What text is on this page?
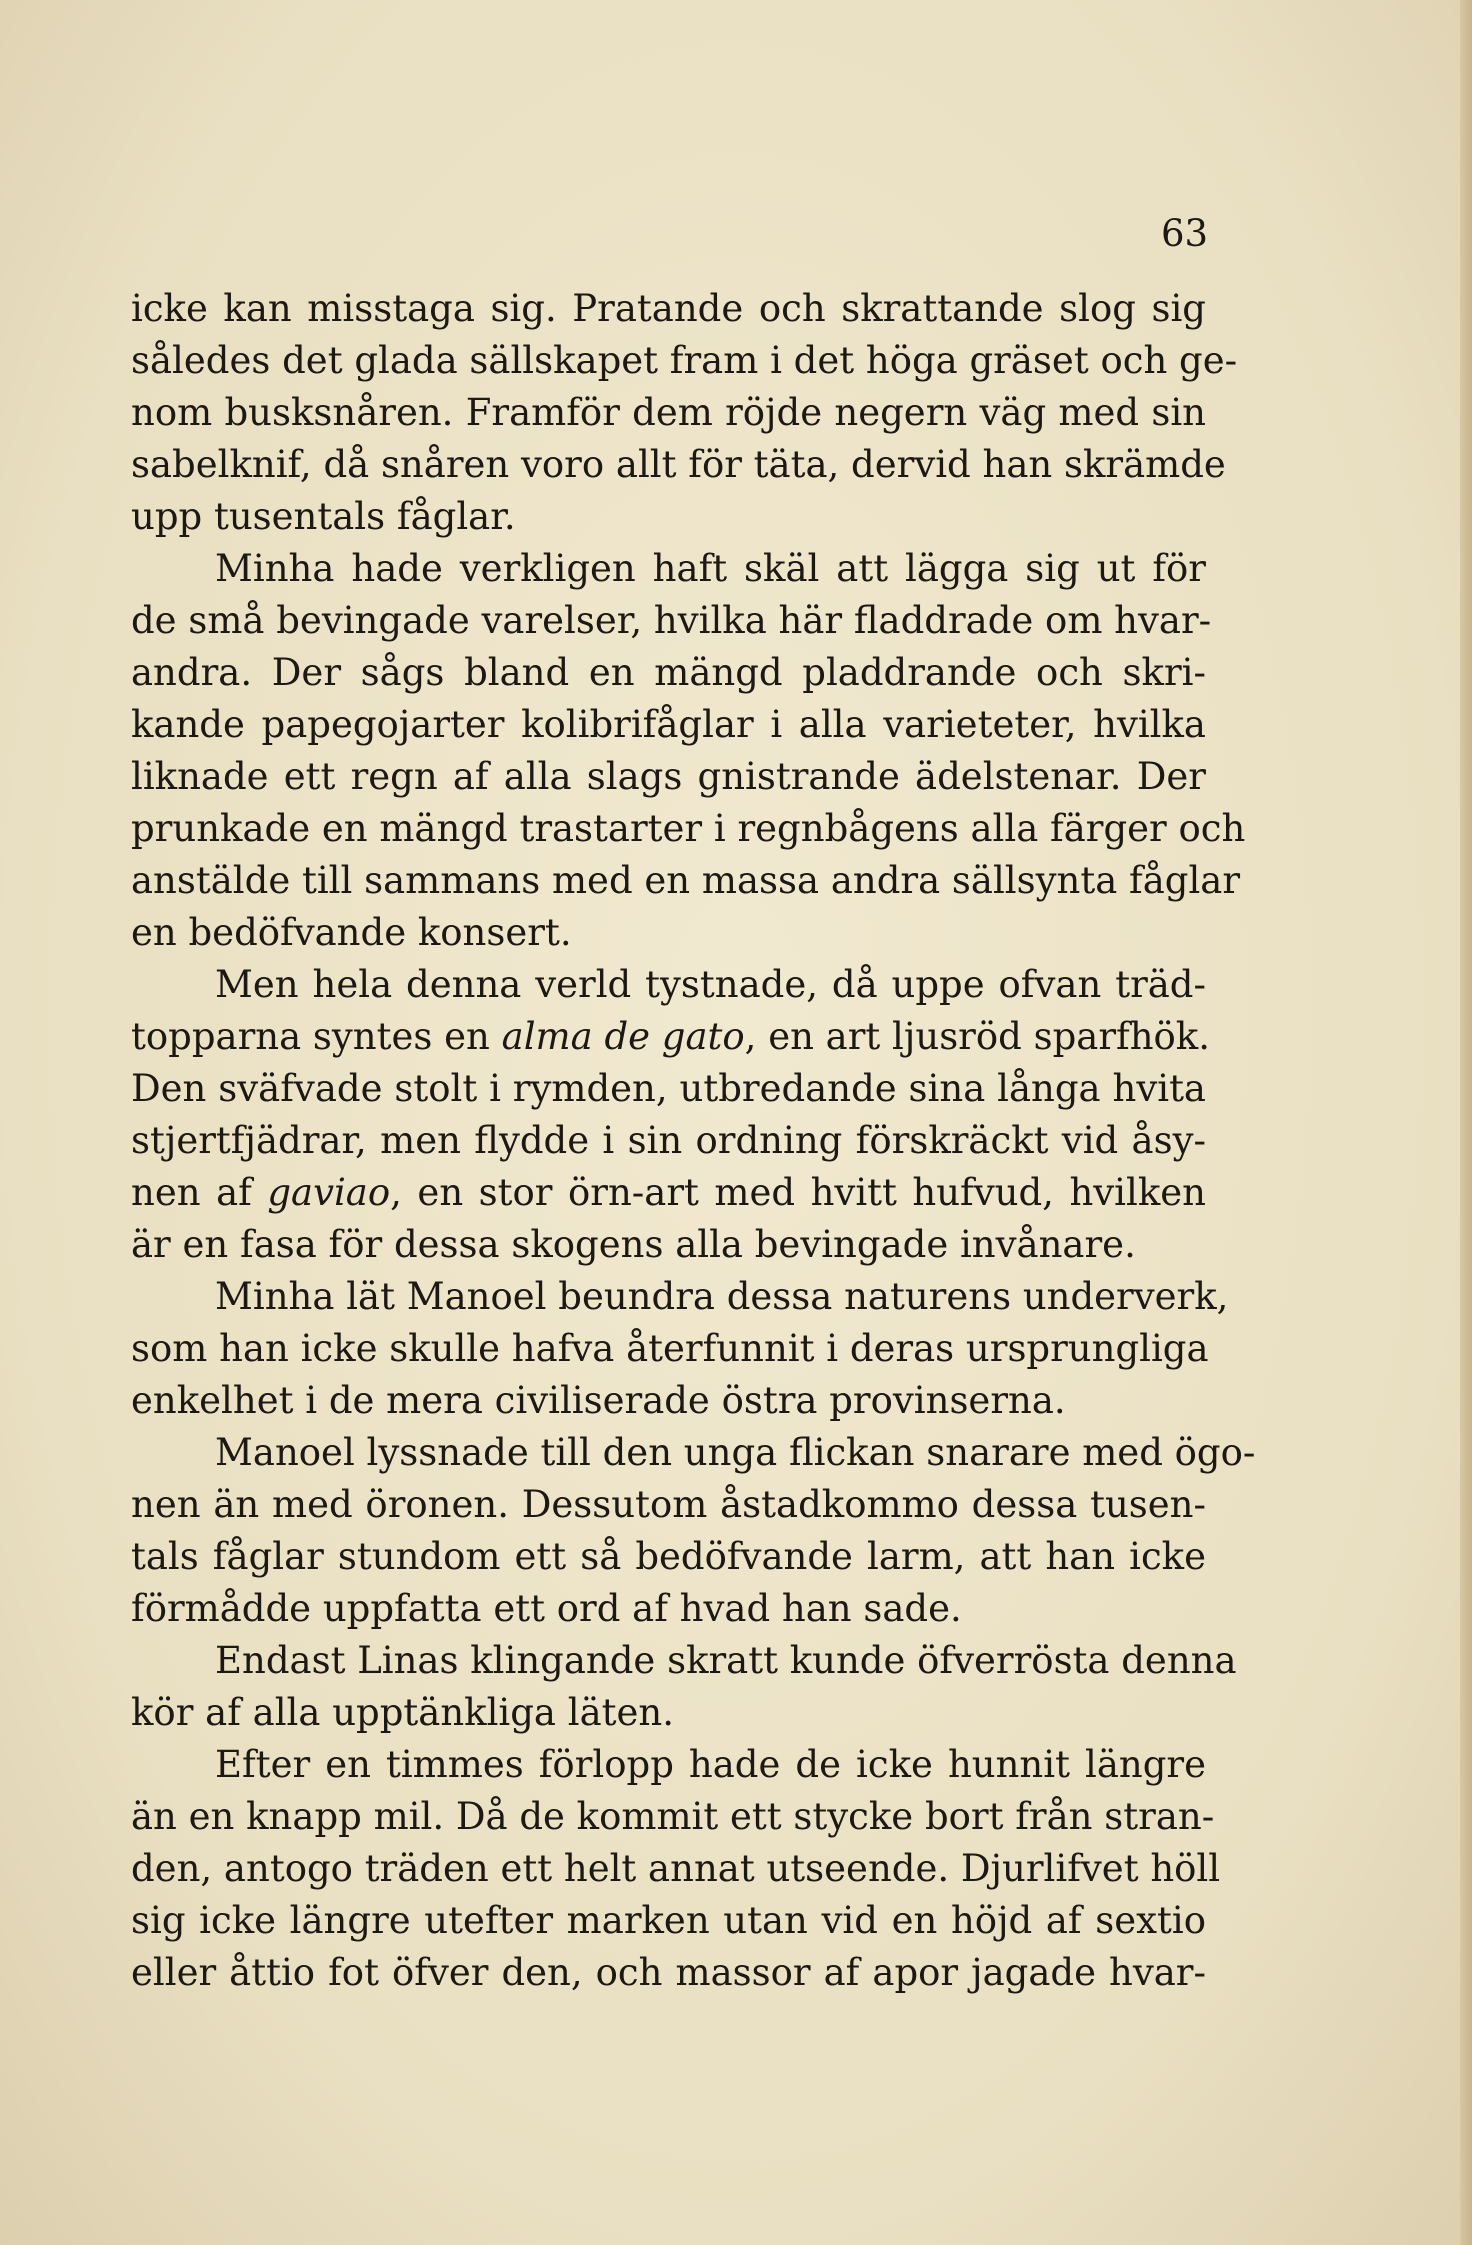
63
icke kan misstaga sig. Pratande och skrattande slog sig
således det glada sällskapet fram i det höga gräset och ge-
nom busksnåren. Framför dem röjde negern väg med sin
sabelknif, då snåren voro allt för täta, dervid han skrämde
upp tusentals fåglar.
Minha hade verkligen haft skäl att lägga sig ut för
de små bevingade varelser, hvilka här fladdrade om hvar-
andra. Der sågs bland en mängd pladdrande och skri-
kande papegojarter kolibrifåglar i alla varieteter, hvilka
liknade ett regn af alla slags gnistrande ädelstenar. Der
prunkade en mängd trastarter i regnbågens alla färger och
anstälde till sammans med en massa andra sällsynta fåglar
en bedöfvande konsert.
Men hela denna verld tystnade, då uppe ofvan träd-
topparna syntes en alma de gato, en art ljusröd sparfhök.
Den sväfvade stolt i rymden, utbredande sina långa hvita
stjertfjädrar, men flydde i sin ordning förskräckt vid åsy-
nen af gaviao, en stor örn-art med hvitt hufvud, hvilken
är en fasa för dessa skogens alla bevingade invånare.
Minha lät Manoel beundra dessa naturens underverk,
som han icke skulle hafva återfunnit i deras ursprungliga
enkelhet i de mera civiliserade östra provinserna.
Manoel lyssnade till den unga flickan snarare med ögo-
nen än med öronen. Dessutom åstadkommo dessa tusen-
tals fåglar stundom ett så bedöfvande larm, att han icke
förmådde uppfatta ett ord af hvad han sade.
Endast Linas klingande skratt kunde öfverrösta denna
kör af alla upptänkliga läten.
Efter en timmes förlopp hade de icke hunnit längre
än en knapp mil. Då de kommit ett stycke bort från stran-
den, antogo träden ett helt annat utseende. Djurlifvet höll
sig icke längre utefter marken utan vid en höjd af sextio
eller åttio fot öfver den, och massor af apor jagade hvar-
